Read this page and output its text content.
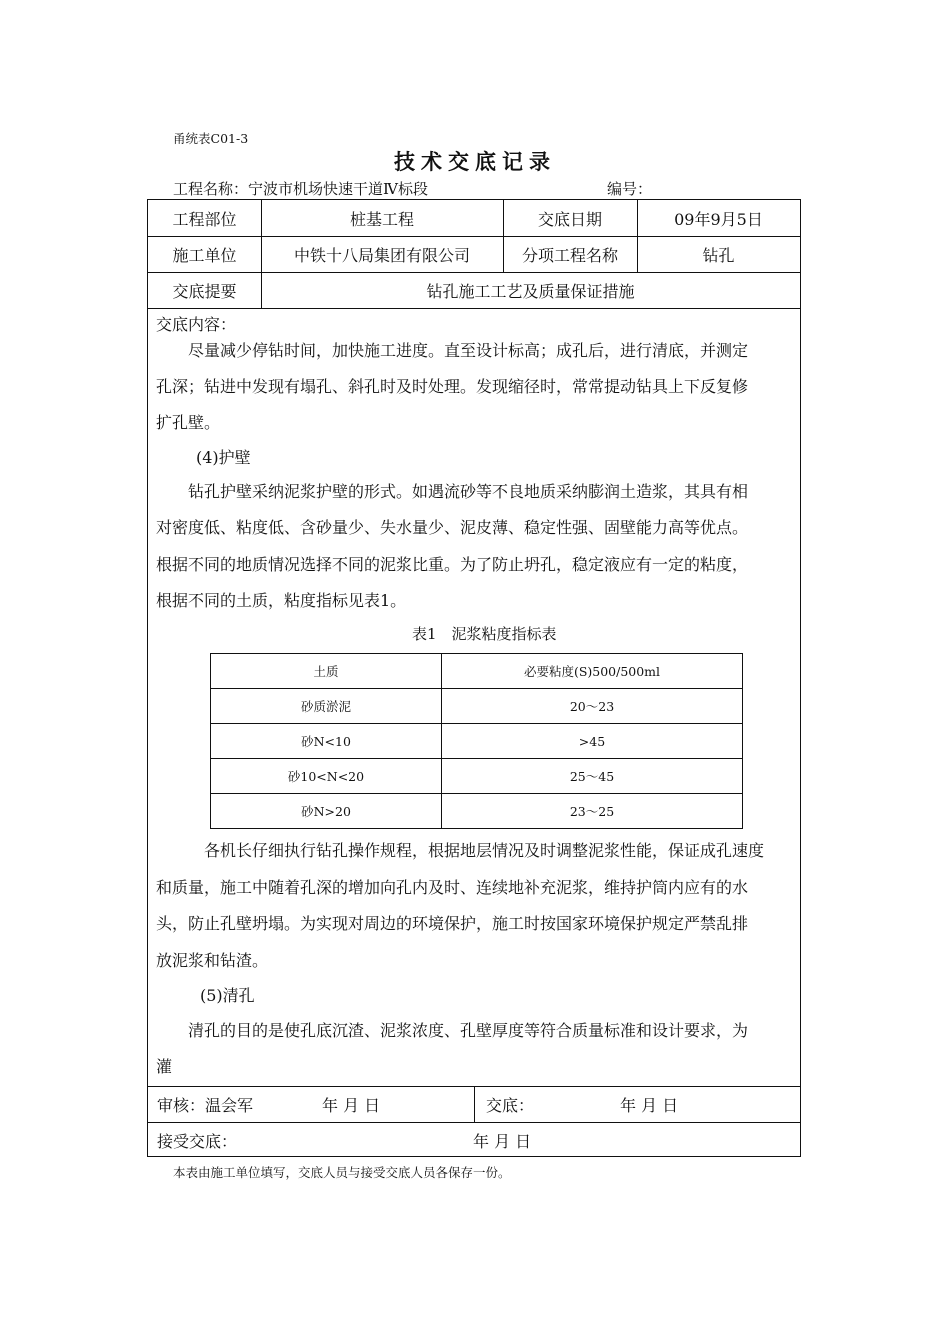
甬统表C01-3
技术交底记录
工程名称：宁波市机场快速干道Ⅳ标段	编号：
工程部位	桩基工程	交底日期	09年9月5日
施工单位	中铁十八局集团有限公司	分项工程名称	钻孔
交底提要	钻孔施工工艺及质量保证措施
交底内容：
尽量减少停钻时间，加快施工进度。直至设计标高；成孔后，进行清底，并测定
孔深；钻进中发现有塌孔、斜孔时及时处理。发现缩径时，常常提动钻具上下反复修
扩孔壁。
(4)护壁
钻孔护壁采纳泥浆护壁的形式。如遇流砂等不良地质采纳膨润土造浆，其具有相
对密度低、粘度低、含砂量少、失水量少、泥皮薄、稳定性强、固壁能力高等优点。
根据不同的地质情况选择不同的泥浆比重。为了防止坍孔，稳定液应有一定的粘度，
根据不同的土质，粘度指标见表1。
表1　泥浆粘度指标表
土质	必要粘度(S)500/500ml
砂质淤泥	20～23
砂N<10	>45
砂10<N<20	25～45
砂N>20	23～25
各机长仔细执行钻孔操作规程，根据地层情况及时调整泥浆性能，保证成孔速度
和质量，施工中随着孔深的增加向孔内及时、连续地补充泥浆，维持护筒内应有的水
头，防止孔壁坍塌。为实现对周边的环境保护，施工时按国家环境保护规定严禁乱排
放泥浆和钻渣。
(5)清孔
清孔的目的是使孔底沉渣、泥浆浓度、孔壁厚度等符合质量标准和设计要求，为
灌
审核：温会军	年 月 日	交底：	年 月 日
接受交底：	年 月 日
本表由施工单位填写，交底人员与接受交底人员各保存一份。
